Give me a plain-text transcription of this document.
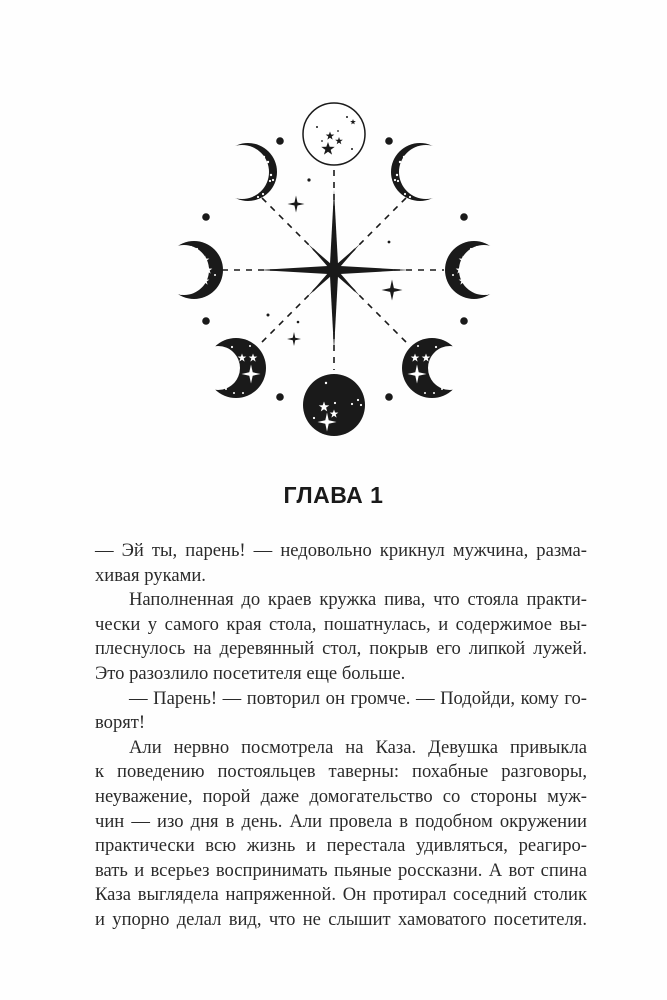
ГЛАВА 1
— Эй ты, парень! — недовольно крикнул мужчина, разма-
хивая руками.
Наполненная до краев кружка пива, что стояла практи-
чески у самого края стола, пошатнулась, и содержимое вы-
плеснулось на деревянный стол, покрыв его липкой лужей.
Это разозлило посетителя еще больше.
— Парень! — повторил он громче. — Подойди, кому го-
ворят!
Али нервно посмотрела на Каза. Девушка привыкла
к поведению постояльцев таверны: похабные разговоры,
неуважение, порой даже домогательство со стороны муж-
чин — изо дня в день. Али провела в подобном окружении
практически всю жизнь и перестала удивляться, реагиро-
вать и всерьез воспринимать пьяные россказни. А вот спина
Каза выглядела напряженной. Он протирал соседний столик
и упорно делал вид, что не слышит хамоватого посетителя.
